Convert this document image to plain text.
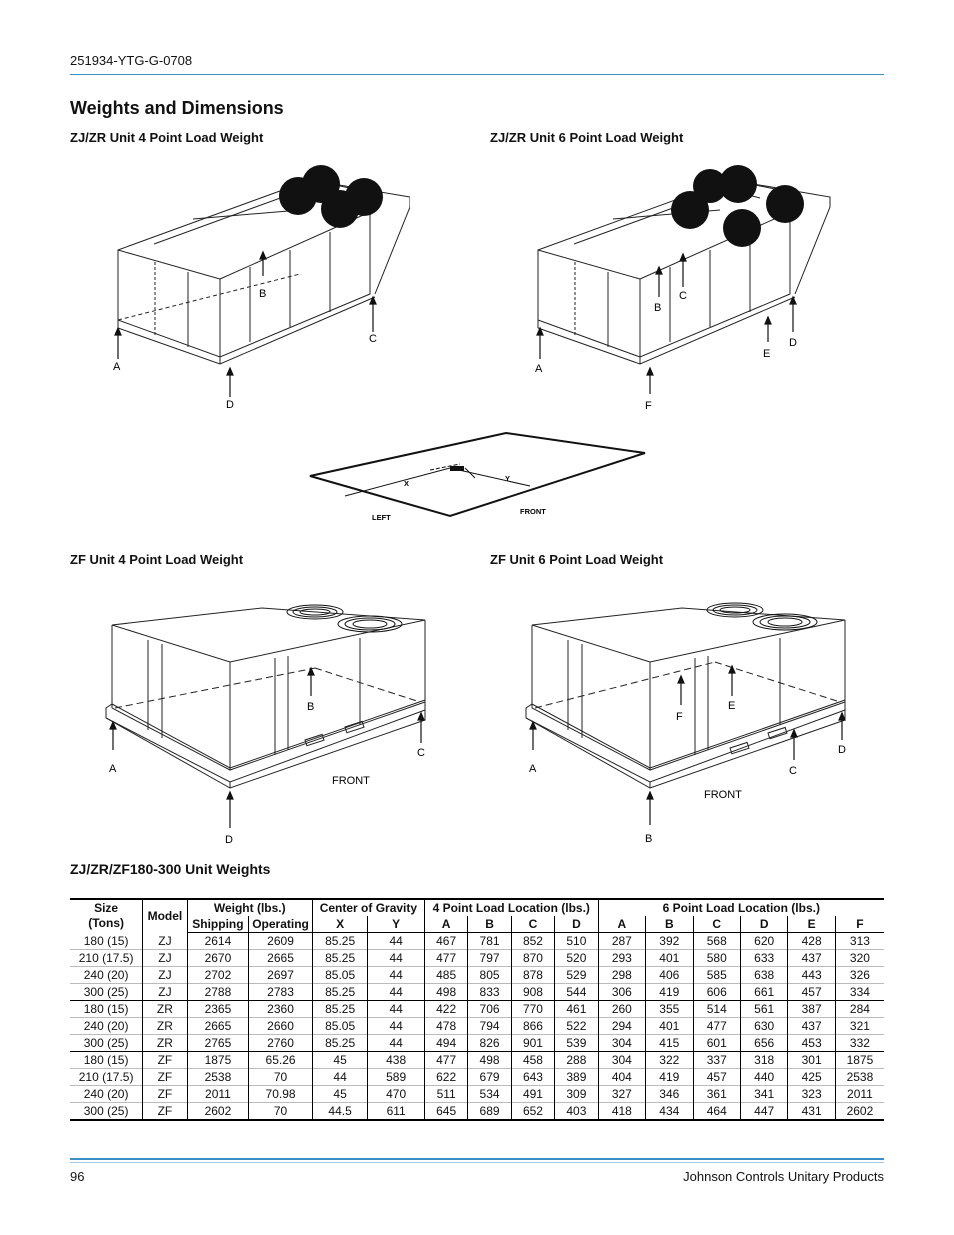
251934-YTG-G-0708
Weights and Dimensions
ZJ/ZR Unit 4 Point Load Weight	ZJ/ZR Unit 6 Point Load Weight
A
B
C
D
A
B
C
D
E
F
X
Y
LEFT
FRONT
ZF Unit 4 Point Load Weight	ZF Unit 6 Point Load Weight
A
B
C
D
FRONT
A
B
C
D
E
F
FRONT
ZJ/ZR/ZF180-300 Unit Weights
Size
(Tons)	Model	Weight (lbs.)		Center of Gravity		4 Point Load Location (lbs.)				6 Point Load Location (lbs.)					
		Shipping	Operating	X	Y	A	B	C	D	A	B	C	D	E	F
180 (15)	ZJ	2614	2609	85.25	44	467	781	852	510	287	392	568	620	428	313
210 (17.5)	ZJ	2670	2665	85.25	44	477	797	870	520	293	401	580	633	437	320
240 (20)	ZJ	2702	2697	85.05	44	485	805	878	529	298	406	585	638	443	326
300 (25)	ZJ	2788	2783	85.25	44	498	833	908	544	306	419	606	661	457	334
180 (15)	ZR	2365	2360	85.25	44	422	706	770	461	260	355	514	561	387	284
240 (20)	ZR	2665	2660	85.05	44	478	794	866	522	294	401	477	630	437	321
300 (25)	ZR	2765	2760	85.25	44	494	826	901	539	304	415	601	656	453	332
180 (15)	ZF	1875	65.26	45	438	477	498	458	288	304	322	337	318	301	1875
210 (17.5)	ZF	2538	70	44	589	622	679	643	389	404	419	457	440	425	2538
240 (20)	ZF	2011	70.98	45	470	511	534	491	309	327	346	361	341	323	2011
300 (25)	ZF	2602	70	44.5	611	645	689	652	403	418	434	464	447	431	2602
96	Johnson Controls Unitary Products
